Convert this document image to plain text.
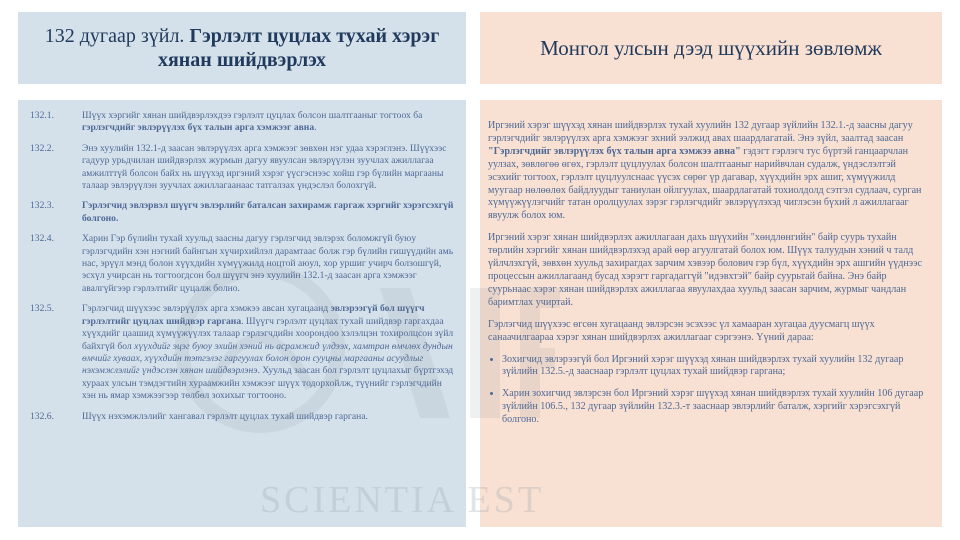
132 дугаар зүйл. Гэрлэлт цуцлах тухай хэрэг хянан шийдвэрлэх
Монгол улсын дээд шүүхийн зөвлөмж
132.1.	Шүүх хэргийг хянан шийдвэрлэхдээ гэрлэлт цуцлах болсон шалтгааныг тогтоох ба гэрлэгчдийг эвлэрүүлэх бүх талын арга хэмжээг авна.
132.2.	Энэ хуулийн 132.1-д заасан эвлэрүүлэх арга хэмжээг зөвхөн нэг удаа хэрэглэнэ. Шүүхээс гадуур урьдчилан шийдвэрлэх журмын дагуу явуулсан эвлэрүүлэн зуучлах ажиллагаа амжилттүй болсон байх нь шүүхэд иргэний хэрэг үүсгэснээс хойш гэр бүлийн маргааны талаар эвлэрүүлэн зуучлах ажиллагаанаас татгалзах үндэслэл болохгүй.
132.3.	Гэрлэгчид эвлэрвэл шүүгч эвлэрлийг баталсан захирамж гаргаж хэргийг хэрэгсэхгүй болгоно.
132.4.	Харин Гэр бүлийн тухай хуульд заасны дагуу гэрлэгчид эвлэрэх боломжгүй буюу гэрлэгчдийн хэн нэгний байнгын хүчирхийлэл дарамтаас болж гэр бүлийн гишүүдийн амь нас, эрүүл мэнд болон хүүхдийн хүмүүжилд ноцтой аюул, хор уршиг учирч болзошгүй, эсхүл учирсан нь тогтоогдсон бол шүүгч энэ хуулийн 132.1-д заасан арга хэмжээг авалгүйгээр гэрлэлтийг цуцалж болно.
132.5.	Гэрлэгчид шүүхээс эвлэрүүлэх арга хэмжээ авсан хугацаанд эвлэрээгүй бол шүүгч гэрлэлтийг цуцлах шийдвэр гаргана. Шүүгч гэрлэлт цуцлах тухай шийдвэр гаргахдаа хүүхдийг цаашид хүмүүжүүлэх талаар гэрлэгчдийн хоорондоо хэлэлцэн тохиролцсон зүйл байхгүй бол хүүхдийг эцэг буюу эхийн хэний нь асрамжид үлдээх, хамтран өмчлөх дундын өмчийг хуваах, хүүхдийн тэтгэлэг гаргуулах болон орон сууцны маргааны асуудлыг нэхэмжлэлийг үндэслэн хянан шийдвэрлэнэ. Хуульд заасан бол гэрлэлт цуцлахыг бүртгэхэд хураах улсын тэмдэгтийн хураамжийн хэмжээг шүүх тодорхойлж, түүнийг гэрлэгчдийн хэн нь ямар хэмжээгээр төлбөл зохихыг тогтооно.
132.6.	Шүүх нэхэмжлэлийг хангавал гэрлэлт цуцлах тухай шийдвэр гаргана.

Иргэний хэрэг шүүхэд хянан шийдвэрлэх тухай хуулийн 132 дугаар зүйлийн 132.1.-д заасны дагуу гэрлэгчдийг эвлэрүүлэх арга хэмжээг эхний ээлжид авах шаардлагатай. Энэ зүйл, заалтад заасан "Гэрлэгчдийг эвлэрүүлэх бүх талын арга хэмжээ авна" гэдэгт гэрлэгч тус бүртэй ганцаарчлан уулзах, зөвлөгөө өгөх, гэрлэлт цуцлуулах болсон шалтгааныг нарийвчлан судалж, үндэслэлтэй эсэхийг тогтоох, гэрлэлт цуцлуулснаас үүсэх сөрөг үр дагавар, хүүхдийн эрх ашиг, хүмүүжилд муугаар нөлөөлөх байдлуудыг таниулан ойлгуулах, шаардлагатай тохиолдолд сэтгэл судлаач, сурган хүмүүжүүлэгчийг татан оролцуулах зэрэг гэрлэгчдийг эвлэрүүлэхэд чиглэсэн бүхий л ажиллагааг явуулж болох юм.

Иргэний хэрэг хянан шийдвэрлэх ажиллагаан дахь шүүхийн "хөндлөнгийн" байр суурь тухайн төрлийн хэргийг хянан шийдвэрлэхэд арай өөр агуулгатай болох юм. Шүүх талуудын хэний ч талд үйлчлэхгүй, зөвхөн хуульд захирагдах зарчим хэвээр болович гэр бүл, хүүхдийн эрх ашгийн үүднээс процессын ажиллагаанд бусад хэрэгт гаргадаггүй "идэвхтэй" байр суурьтай байна. Энэ байр суурьнаас хэрэг хянан шийдвэрлэх ажиллагаа явуулахдаа хуульд заасан зарчим, журмыг чандлан баримтлах учиртай.

Гэрлэгчид шүүхээс өгсөн хугацаанд эвлэрсэн эсэхээс үл хамааран хугацаа дуусмагц шүүх санаачилгаараа хэрэг хянан шийдвэрлэх ажиллагааг сэргээнэ. Үүний дараа:

• Зохигчид эвлэрээгүй бол Иргэний хэрэг шүүхэд хянан шийдвэрлэх тухай хуулийн 132 дугаар зүйлийн 132.5.-д зааснаар гэрлэлт цуцлах тухай шийдвэр гаргана;
• Харин зохигчид эвлэрсэн бол Иргэний хэрэг шүүхэд хянан шийдвэрлэх тухай хуулийн 106 дугаар зүйлийн 106.5., 132 дугаар зүйлийн 132.3.-т зааснаар эвлэрлийг баталж, хэргийг хэрэгсэхгүй болгоно.
SCIENTIA EST
